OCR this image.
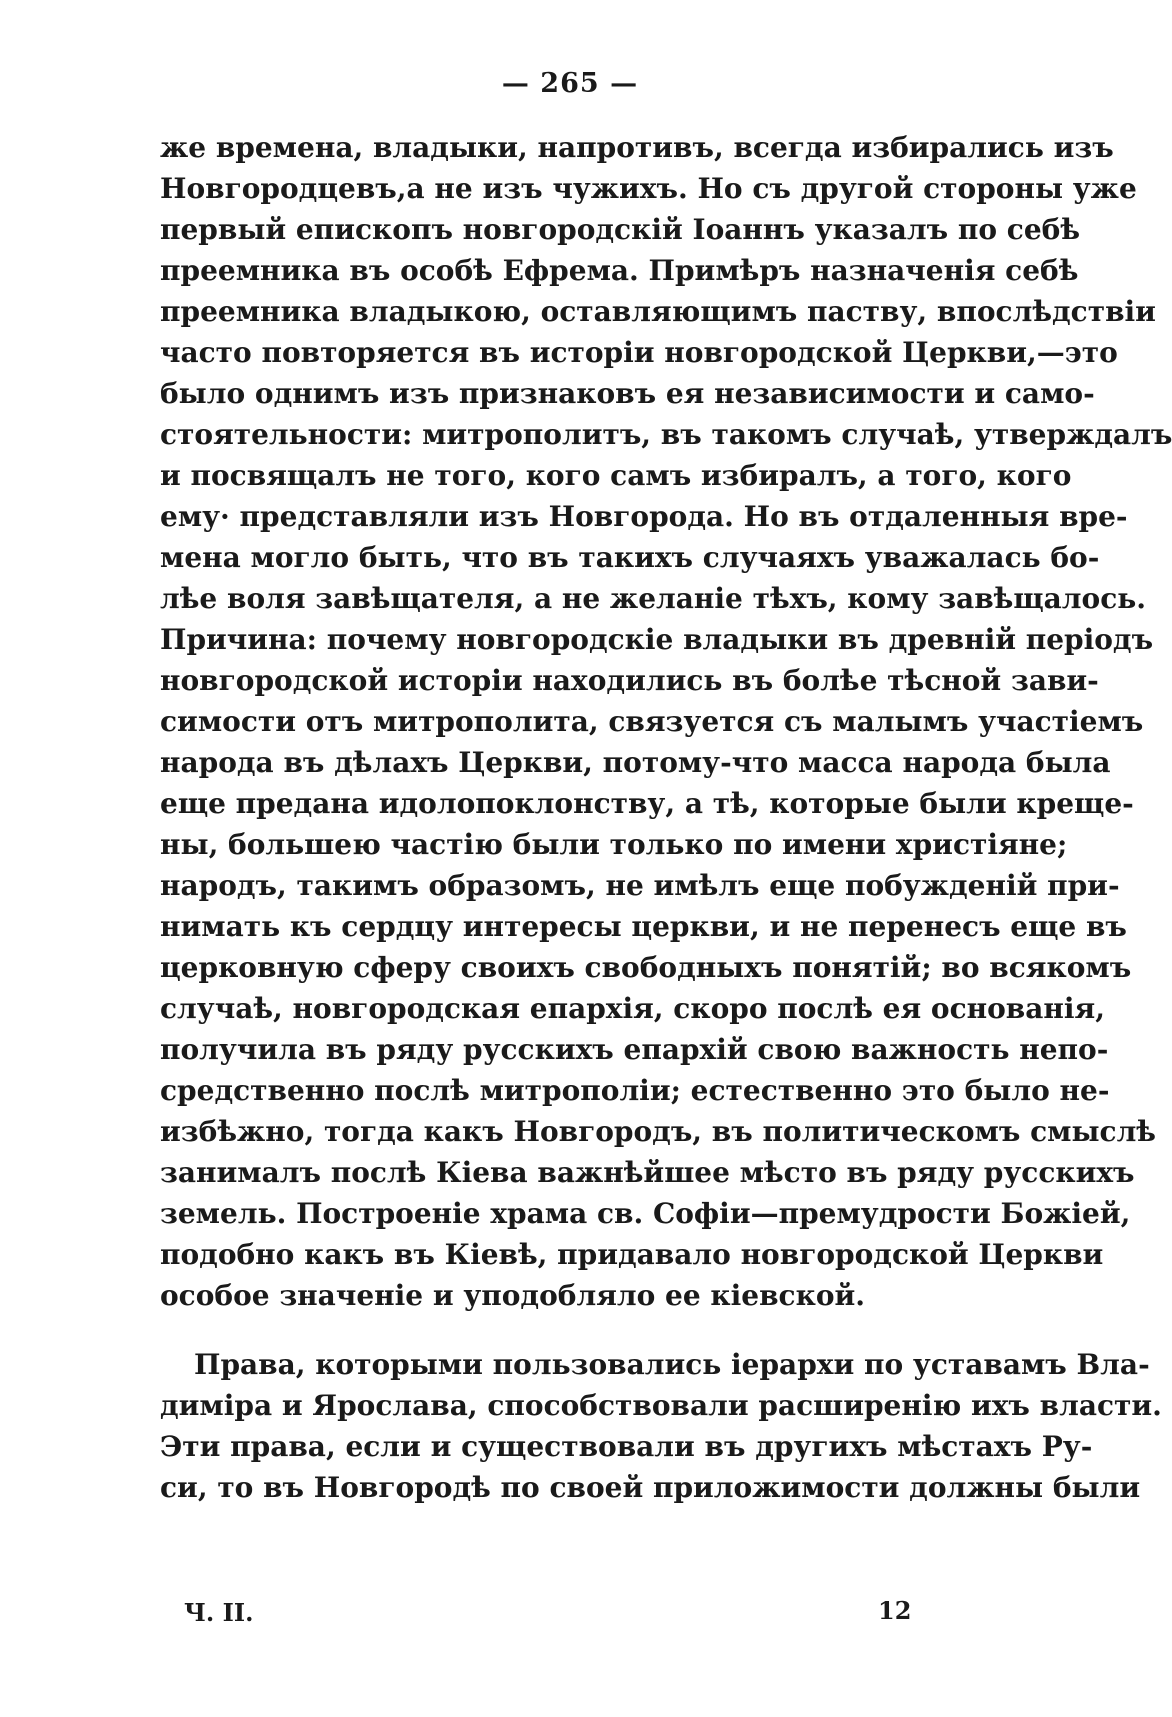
— 265 —
же времена, владыки, напротивъ, всегда избирались изъ
Новгородцевъ,а не изъ чужихъ. Но съ другой стороны уже
первый епископъ новгородскій Іоаннъ указалъ по себѣ
преемника въ особѣ Ефрема. Примѣръ назначенія себѣ
преемника владыкою, оставляющимъ паству, впослѣдствіи
часто повторяется въ исторіи новгородской Церкви,—это
было однимъ изъ признаковъ ея независимости и само-
стоятельности: митрополитъ, въ такомъ случаѣ, утверждалъ
и посвящалъ не того, кого самъ избиралъ, а того, кого
ему· представляли изъ Новгорода. Но въ отдаленныя вре-
мена могло быть, что въ такихъ случаяхъ уважалась бо-
лѣе воля завѣщателя, а не желаніе тѣхъ, кому завѣщалось.
Причина: почему новгородскіе владыки въ древній періодъ
новгородской исторіи находились въ болѣе тѣсной зави-
симости отъ митрополита, связуется съ малымъ участіемъ
народа въ дѣлахъ Церкви, потому-что масса народа была
еще предана идолопоклонству, а тѣ, которые были крещe-
ны, большею частію были только по имени христіяне;
народъ, такимъ образомъ, не имѣлъ еще побужденій при-
нимать къ сердцу интересы церкви, и не перенесъ еще въ
церковную сферу своихъ свободныхъ понятій; во всякомъ
случаѣ, новгородская епархія, скоро послѣ ея основанія,
получила въ ряду русскихъ епархій свою важность непо-
средственно послѣ митрополіи; естественно это было не-
избѣжно, тогда какъ Новгородъ, въ политическомъ смыслѣ
занималъ послѣ Кіева важнѣйшее мѣсто въ ряду русскихъ
земель. Построеніе храма св. Софіи—премудрости Божіей,
подобно какъ въ Кіевѣ, придавало новгородской Церкви
особое значеніе и уподобляло ее кіевской.
Права, которыми пользовались іерархи по уставамъ Вла-
диміра и Ярослава, способствовали расширенію ихъ власти.
Эти права, если и существовали въ другихъ мѣстахъ Ру-
си, то въ Новгородѣ по своей приложимости должны были
Ч. II.	12
